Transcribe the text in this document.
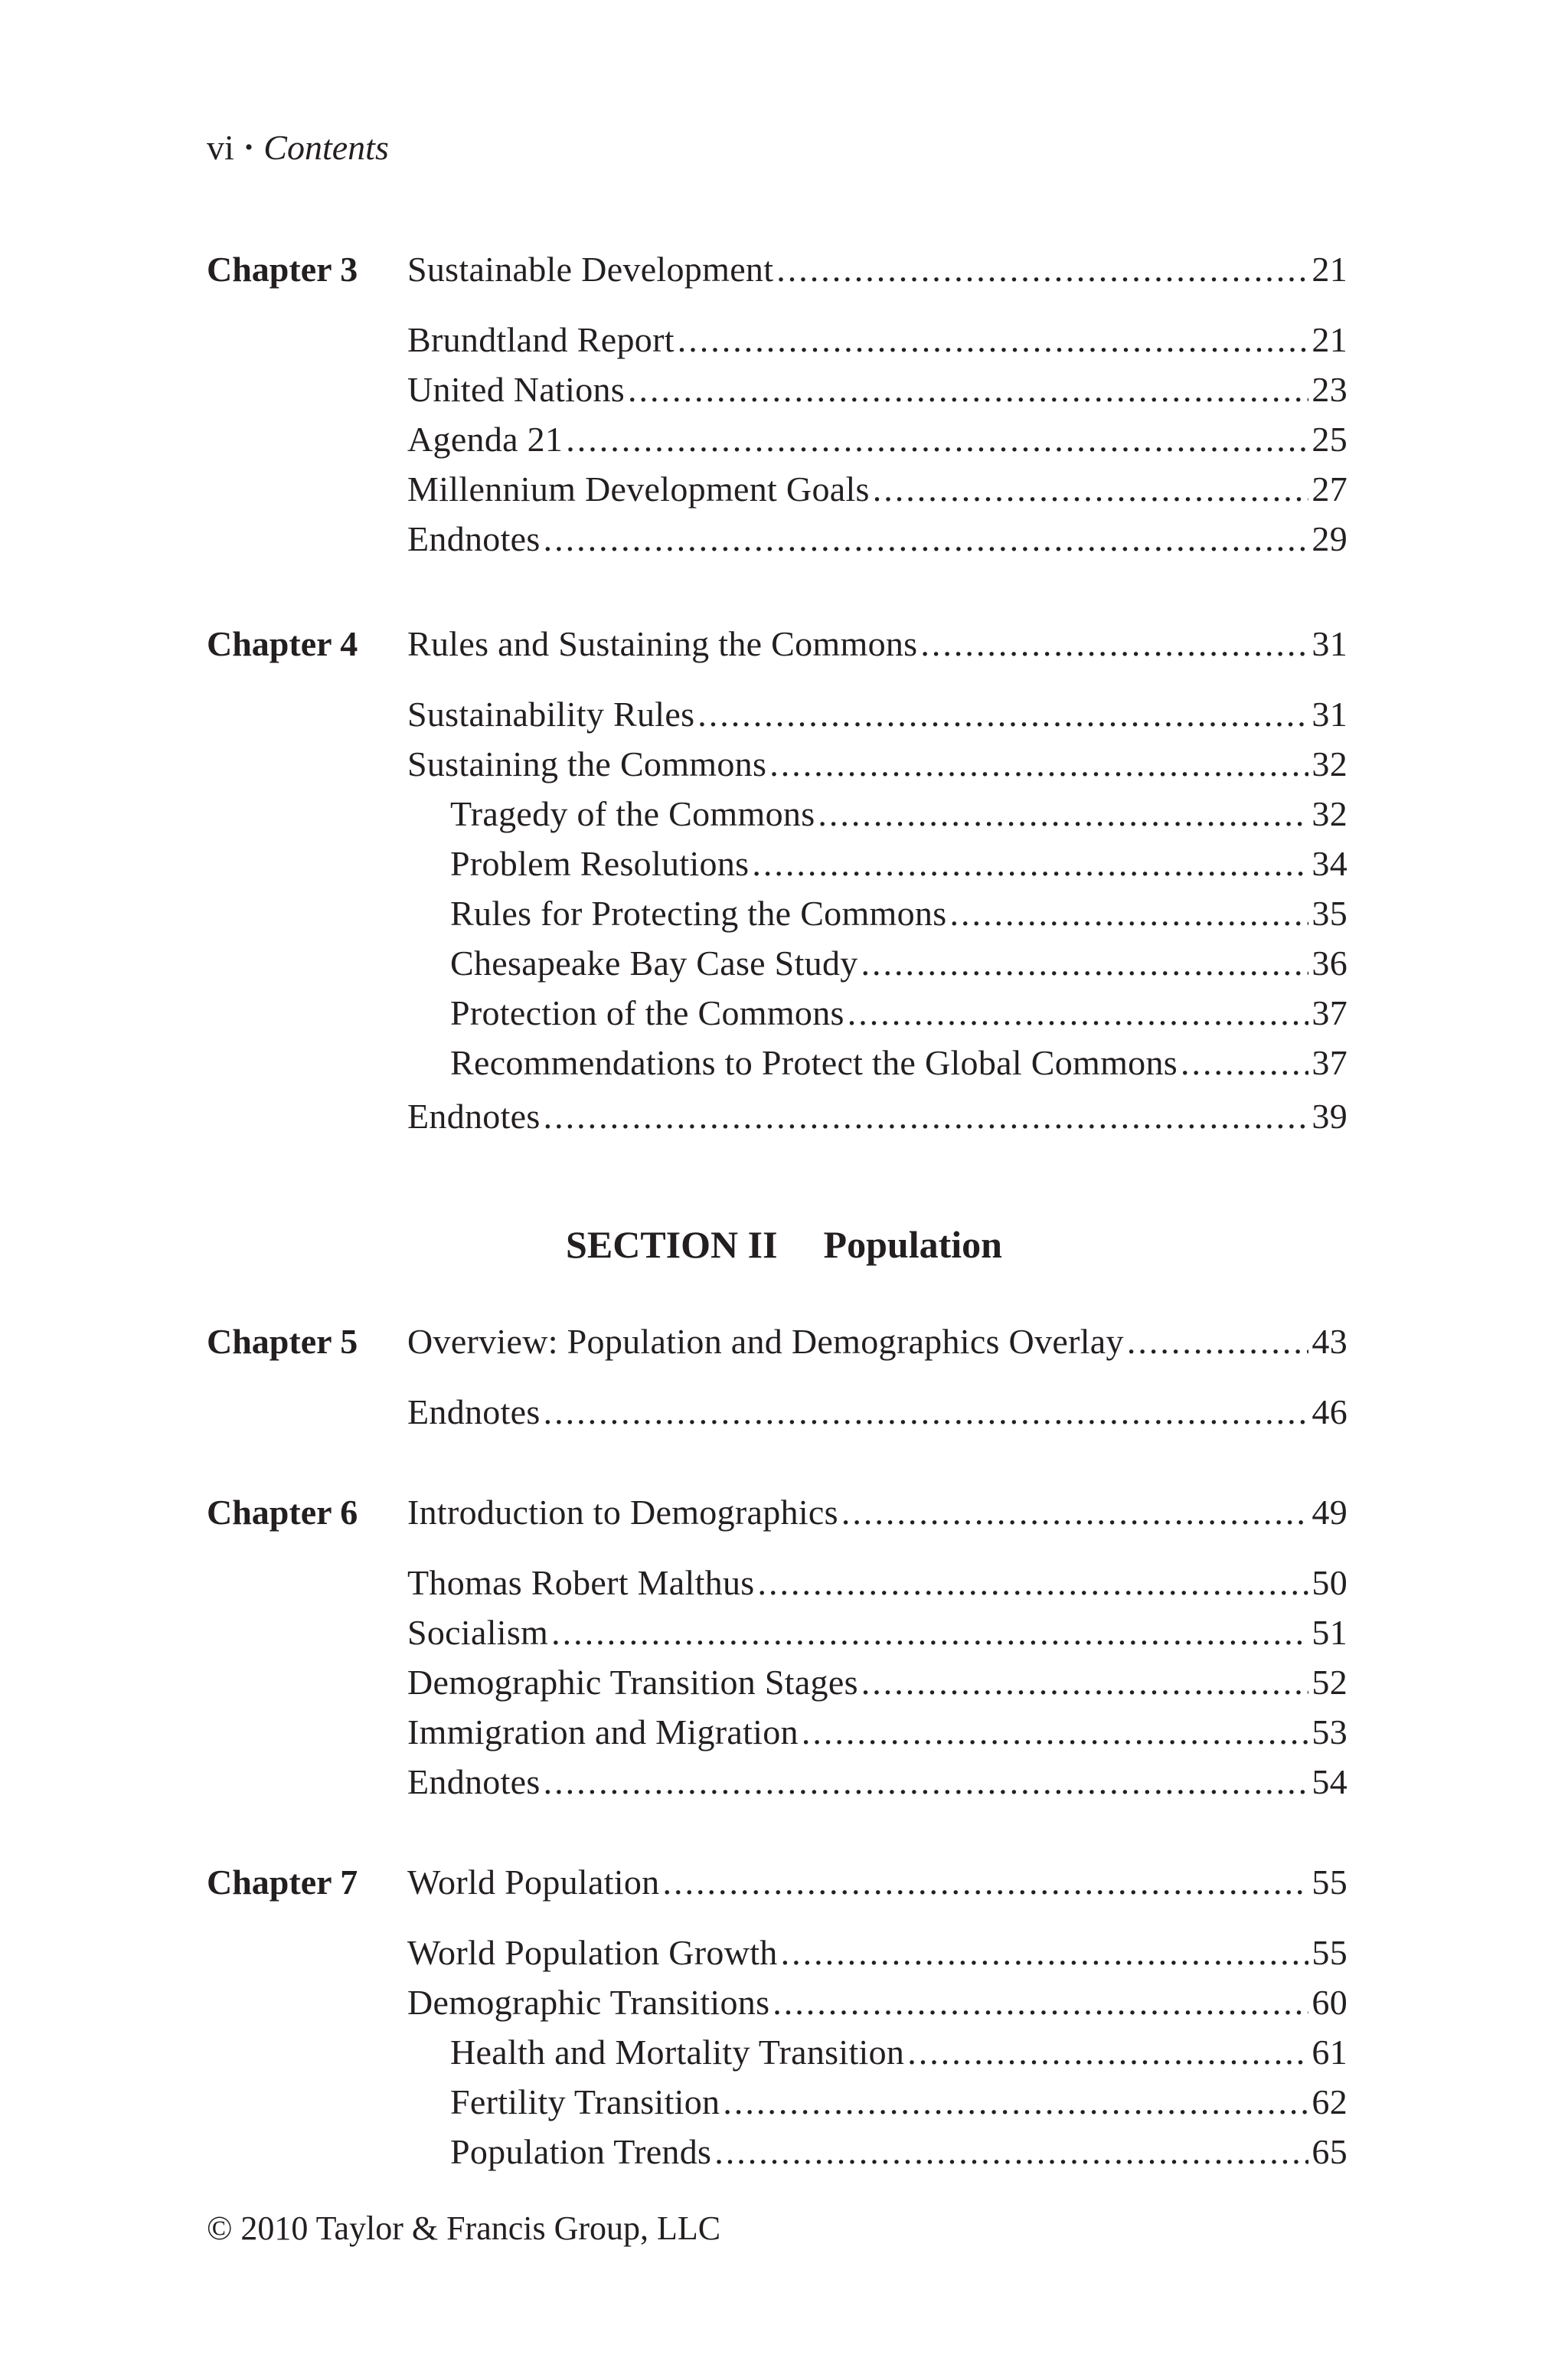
vi • Contents
Chapter 3 Sustainable Development .....	21
Brundtland Report .....	21
United Nations .....	23
Agenda 21 .....	25
Millennium Development Goals .....	27
Endnotes .....	29
Chapter 4 Rules and Sustaining the Commons .....	31
Sustainability Rules .....	31
Sustaining the Commons .....	32
Tragedy of the Commons .....	32
Problem Resolutions .....	34
Rules for Protecting the Commons .....	35
Chesapeake Bay Case Study .....	36
Protection of the Commons .....	37
Recommendations to Protect the Global Commons .....	37
Endnotes .....	39
SECTION II Population
Chapter 5 Overview: Population and Demographics Overlay .....	43
Endnotes .....	46
Chapter 6 Introduction to Demographics .....	49
Thomas Robert Malthus .....	50
Socialism .....	51
Demographic Transition Stages .....	52
Immigration and Migration .....	53
Endnotes .....	54
Chapter 7 World Population .....	55
World Population Growth .....	55
Demographic Transitions .....	60
Health and Mortality Transition .....	61
Fertility Transition .....	62
Population Trends .....	65
© 2010 Taylor & Francis Group, LLC
